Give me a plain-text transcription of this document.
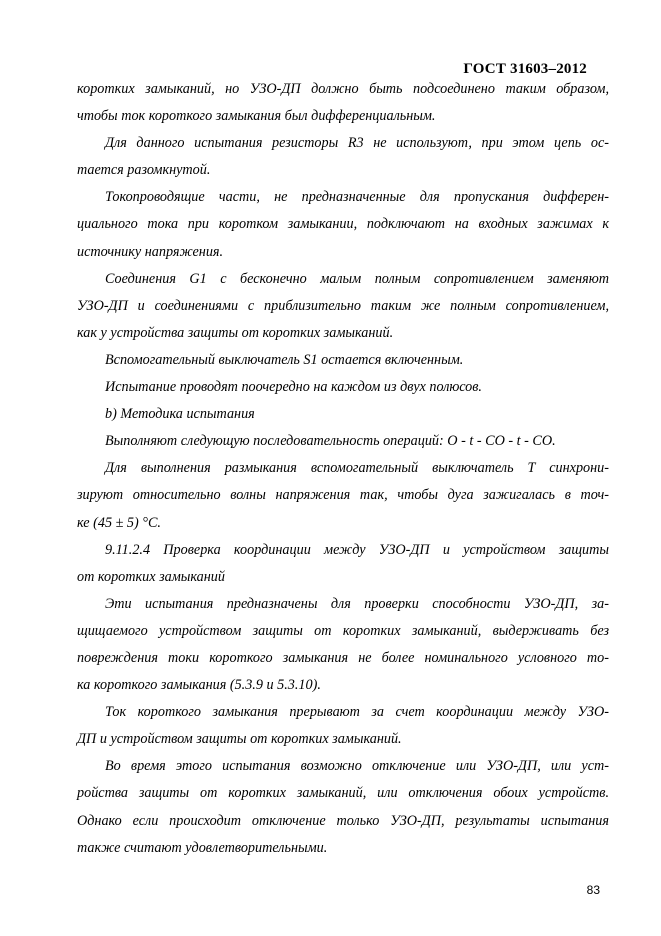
ГОСТ 31603–2012
коротких замыканий, но УЗО-ДП должно быть подсоединено таким образом,
чтобы ток короткого замыкания был дифференциальным.
Для данного испытания резисторы R3 не используют, при этом цепь ос-
тается разомкнутой.
Токопроводящие части, не предназначенные для пропускания дифферен-
циального тока при коротком замыкании, подключают на входных зажимах к
источнику напряжения.
Соединения G1 с бесконечно малым полным сопротивлением заменяют
УЗО-ДП и соединениями с приблизительно таким же полным сопротивлением,
как у устройства защиты от коротких замыканий.
Вспомогательный выключатель S1 остается включенным.
Испытание проводят поочередно на каждом из двух полюсов.
b) Методика испытания
Выполняют следующую последовательность операций: O - t - CO - t - CO.
Для выполнения размыкания вспомогательный выключатель T синхрони-
зируют относительно волны напряжения так, чтобы дуга зажигалась в точ-
ке (45 ± 5) °С.
9.11.2.4 Проверка координации между УЗО-ДП и устройством защиты
от коротких замыканий
Эти испытания предназначены для проверки способности УЗО-ДП, за-
щищаемого устройством защиты от коротких замыканий, выдерживать без
повреждения токи короткого замыкания не более номинального условного то-
ка короткого замыкания (5.3.9 и 5.3.10).
Ток короткого замыкания прерывают за счет координации между УЗО-
ДП и устройством защиты от коротких замыканий.
Во время этого испытания возможно отключение или УЗО-ДП, или уст-
ройства защиты от коротких замыканий, или отключения обоих устройств.
Однако если происходит отключение только УЗО-ДП, результаты испытания
также считают удовлетворительными.
83
